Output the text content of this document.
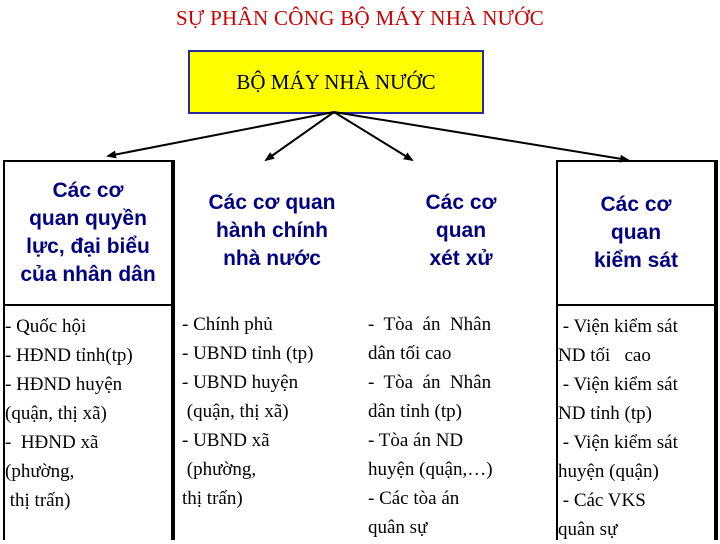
SỰ PHÂN CÔNG BỘ MÁY NHÀ NƯỚC
BỘ MÁY NHÀ NƯỚC
Các cơ
quan quyền
lực, đại biểu
của nhân dân
- Quốc hội
- HĐND tỉnh(tp)
- HĐND huyện
(quận, thị xã)
-  HĐND xã
(phường,
thị trấn)
Các cơ quan
hành chính
nhà nước
- Chính phủ
- UBND tỉnh (tp)
- UBND huyện
(quận, thị xã)
- UBND xã
(phường,
thị trấn)
Các cơ
quan
xét xử
-  Tòa  án  Nhân
dân tối cao
-  Tòa  án  Nhân
dân tỉnh (tp)
- Tòa án ND
huyện (quận,…)
- Các tòa án
quân sự
Các cơ
quan
kiểm sát
- Viện kiểm sát
ND tối   cao
- Viện kiểm sát
ND tỉnh (tp)
- Viện kiểm sát
huyện (quận)
- Các VKS
quân sự
